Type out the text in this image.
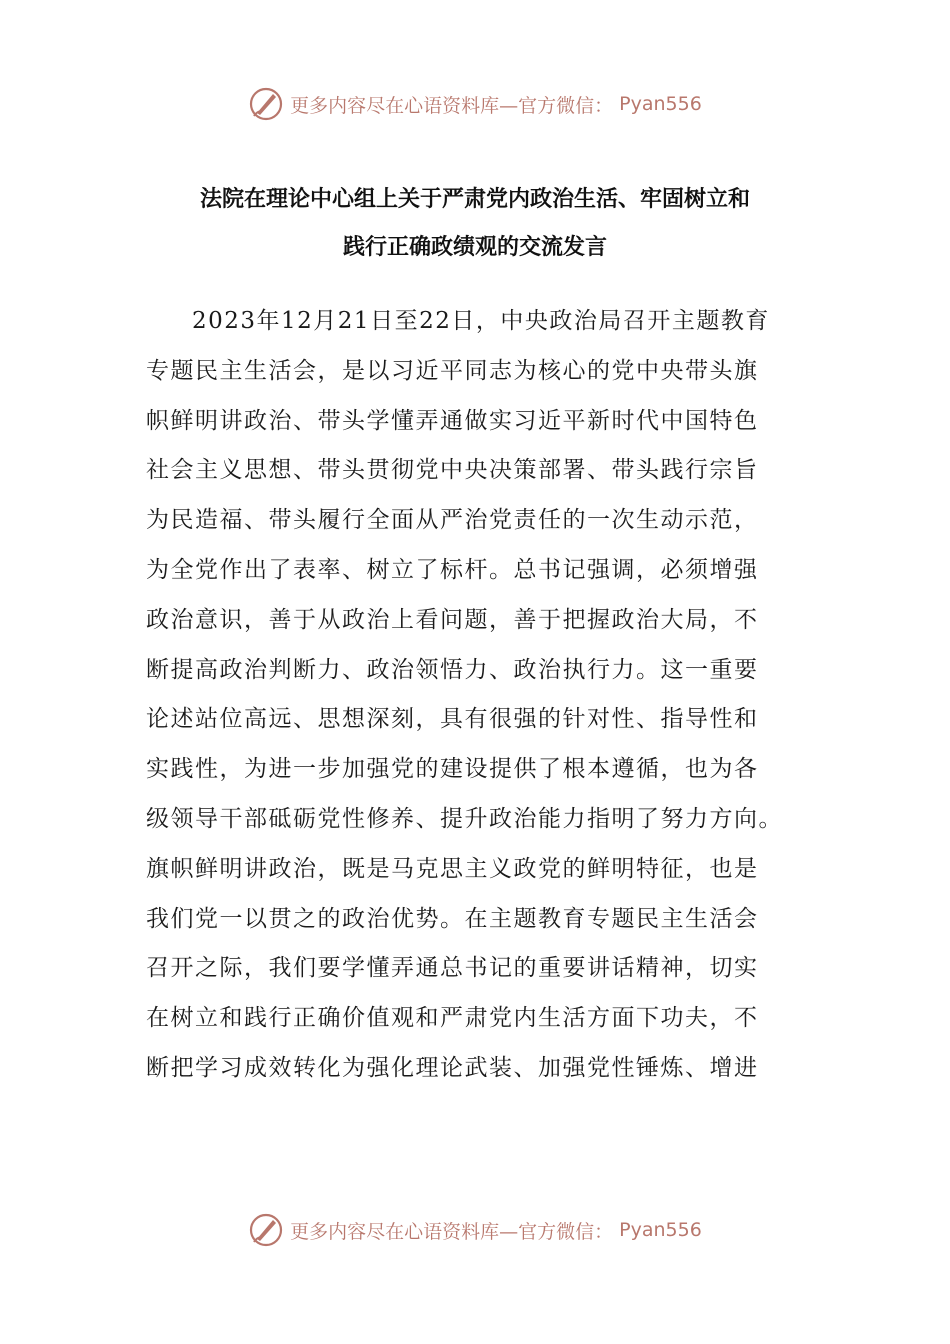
更多内容尽在心语资料库—官方微信： Pyan556
法院在理论中心组上关于严肃党内政治生活、牢固树立和
践行正确政绩观的交流发言
2023年12月21日至22日，中央政治局召开主题教育
专题民主生活会，是以习近平同志为核心的党中央带头旗
帜鲜明讲政治、带头学懂弄通做实习近平新时代中国特色
社会主义思想、带头贯彻党中央决策部署、带头践行宗旨
为民造福、带头履行全面从严治党责任的一次生动示范，
为全党作出了表率、树立了标杆。总书记强调，必须增强
政治意识，善于从政治上看问题，善于把握政治大局，不
断提高政治判断力、政治领悟力、政治执行力。这一重要
论述站位高远、思想深刻，具有很强的针对性、指导性和
实践性，为进一步加强党的建设提供了根本遵循，也为各
级领导干部砥砺党性修养、提升政治能力指明了努力方向。
旗帜鲜明讲政治，既是马克思主义政党的鲜明特征，也是
我们党一以贯之的政治优势。在主题教育专题民主生活会
召开之际，我们要学懂弄通总书记的重要讲话精神，切实
在树立和践行正确价值观和严肃党内生活方面下功夫，不
断把学习成效转化为强化理论武装、加强党性锤炼、增进
更多内容尽在心语资料库—官方微信： Pyan556
